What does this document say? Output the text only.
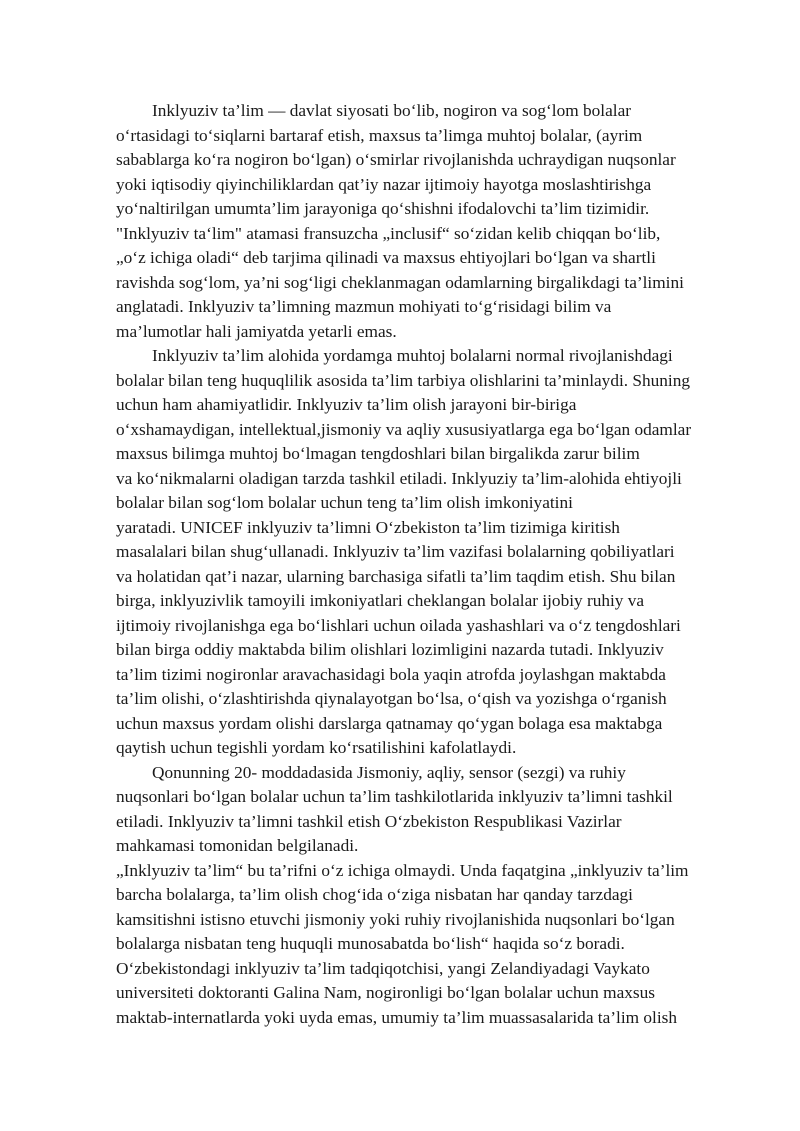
Inklyuziv ta’lim — davlat siyosati bo‘lib, nogiron va sog‘lom bolalar
o‘rtasidagi to‘siqlarni bartaraf etish, maxsus ta’limga muhtoj bolalar, (ayrim
sabablarga ko‘ra nogiron bo‘lgan) o‘smirlar rivojlanishda uchraydigan nuqsonlar
yoki iqtisodiy qiyinchiliklardan qat’iy nazar ijtimoiy hayotga moslashtirishga
yo‘naltirilgan umumta’lim jarayoniga qo‘shishni ifodalovchi ta’lim tizimidir.
"Inklyuziv ta‘lim" atamasi fransuzcha „inclusif“ so‘zidan kelib chiqqan bo‘lib,
„o‘z ichiga oladi“ deb tarjima qilinadi va maxsus ehtiyojlari bo‘lgan va shartli
ravishda sog‘lom, ya’ni sog‘ligi cheklanmagan odamlarning birgalikdagi ta’limini
anglatadi. Inklyuziv ta’limning mazmun mohiyati to‘g‘risidagi bilim va
ma’lumotlar hali jamiyatda yetarli emas.
Inklyuziv ta’lim alohida yordamga muhtoj bolalarni normal rivojlanishdagi
bolalar bilan teng huquqlilik asosida ta’lim tarbiya olishlarini ta’minlaydi. Shuning
uchun ham ahamiyatlidir. Inklyuziv ta’lim olish jarayoni bir-biriga
o‘xshamaydigan, intellektual,jismoniy va aqliy xususiyatlarga ega bo‘lgan odamlar
maxsus bilimga muhtoj bo‘lmagan tengdoshlari bilan birgalikda zarur bilim
va ko‘nikmalarni oladigan tarzda tashkil etiladi. Inklyuziy ta’lim-alohida ehtiyojli
bolalar bilan sog‘lom bolalar uchun teng ta’lim olish imkoniyatini
yaratadi. UNICEF inklyuziv ta’limni O‘zbekiston ta’lim tizimiga kiritish
masalalari bilan shug‘ullanadi. Inklyuziv ta’lim vazifasi bolalarning qobiliyatlari
va holatidan qat’i nazar, ularning barchasiga sifatli ta’lim taqdim etish. Shu bilan
birga, inklyuzivlik tamoyili imkoniyatlari cheklangan bolalar ijobiy ruhiy va
ijtimoiy rivojlanishga ega bo‘lishlari uchun oilada yashashlari va o‘z tengdoshlari
bilan birga oddiy maktabda bilim olishlari lozimligini nazarda tutadi. Inklyuziv
ta’lim tizimi nogironlar aravachasidagi bola yaqin atrofda joylashgan maktabda
ta’lim olishi, o‘zlashtirishda qiynalayotgan bo‘lsa, o‘qish va yozishga o‘rganish
uchun maxsus yordam olishi darslarga qatnamay qo‘ygan bolaga esa maktabga
qaytish uchun tegishli yordam ko‘rsatilishini kafolatlaydi.
Qonunning 20- moddadasida Jismoniy, aqliy, sensor (sezgi) va ruhiy
nuqsonlari bo‘lgan bolalar uchun ta’lim tashkilotlarida inklyuziv ta’limni tashkil
etiladi. Inklyuziv ta’limni tashkil etish O‘zbekiston Respublikasi Vazirlar
mahkamasi tomonidan belgilanadi.
„Inklyuziv ta’lim“ bu ta’rifni o‘z ichiga olmaydi. Unda faqatgina „inklyuziv ta’lim
barcha bolalarga, ta’lim olish chog‘ida o‘ziga nisbatan har qanday tarzdagi
kamsitishni istisno etuvchi jismoniy yoki ruhiy rivojlanishida nuqsonlari bo‘lgan
bolalarga nisbatan teng huquqli munosabatda bo‘lish“ haqida so‘z boradi.
O‘zbekistondagi inklyuziv ta’lim tadqiqotchisi, yangi Zelandiyadagi Vaykato
universiteti doktoranti Galina Nam, nogironligi bo‘lgan bolalar uchun maxsus
maktab-internatlarda yoki uyda emas, umumiy ta’lim muassasalarida ta’lim olish
